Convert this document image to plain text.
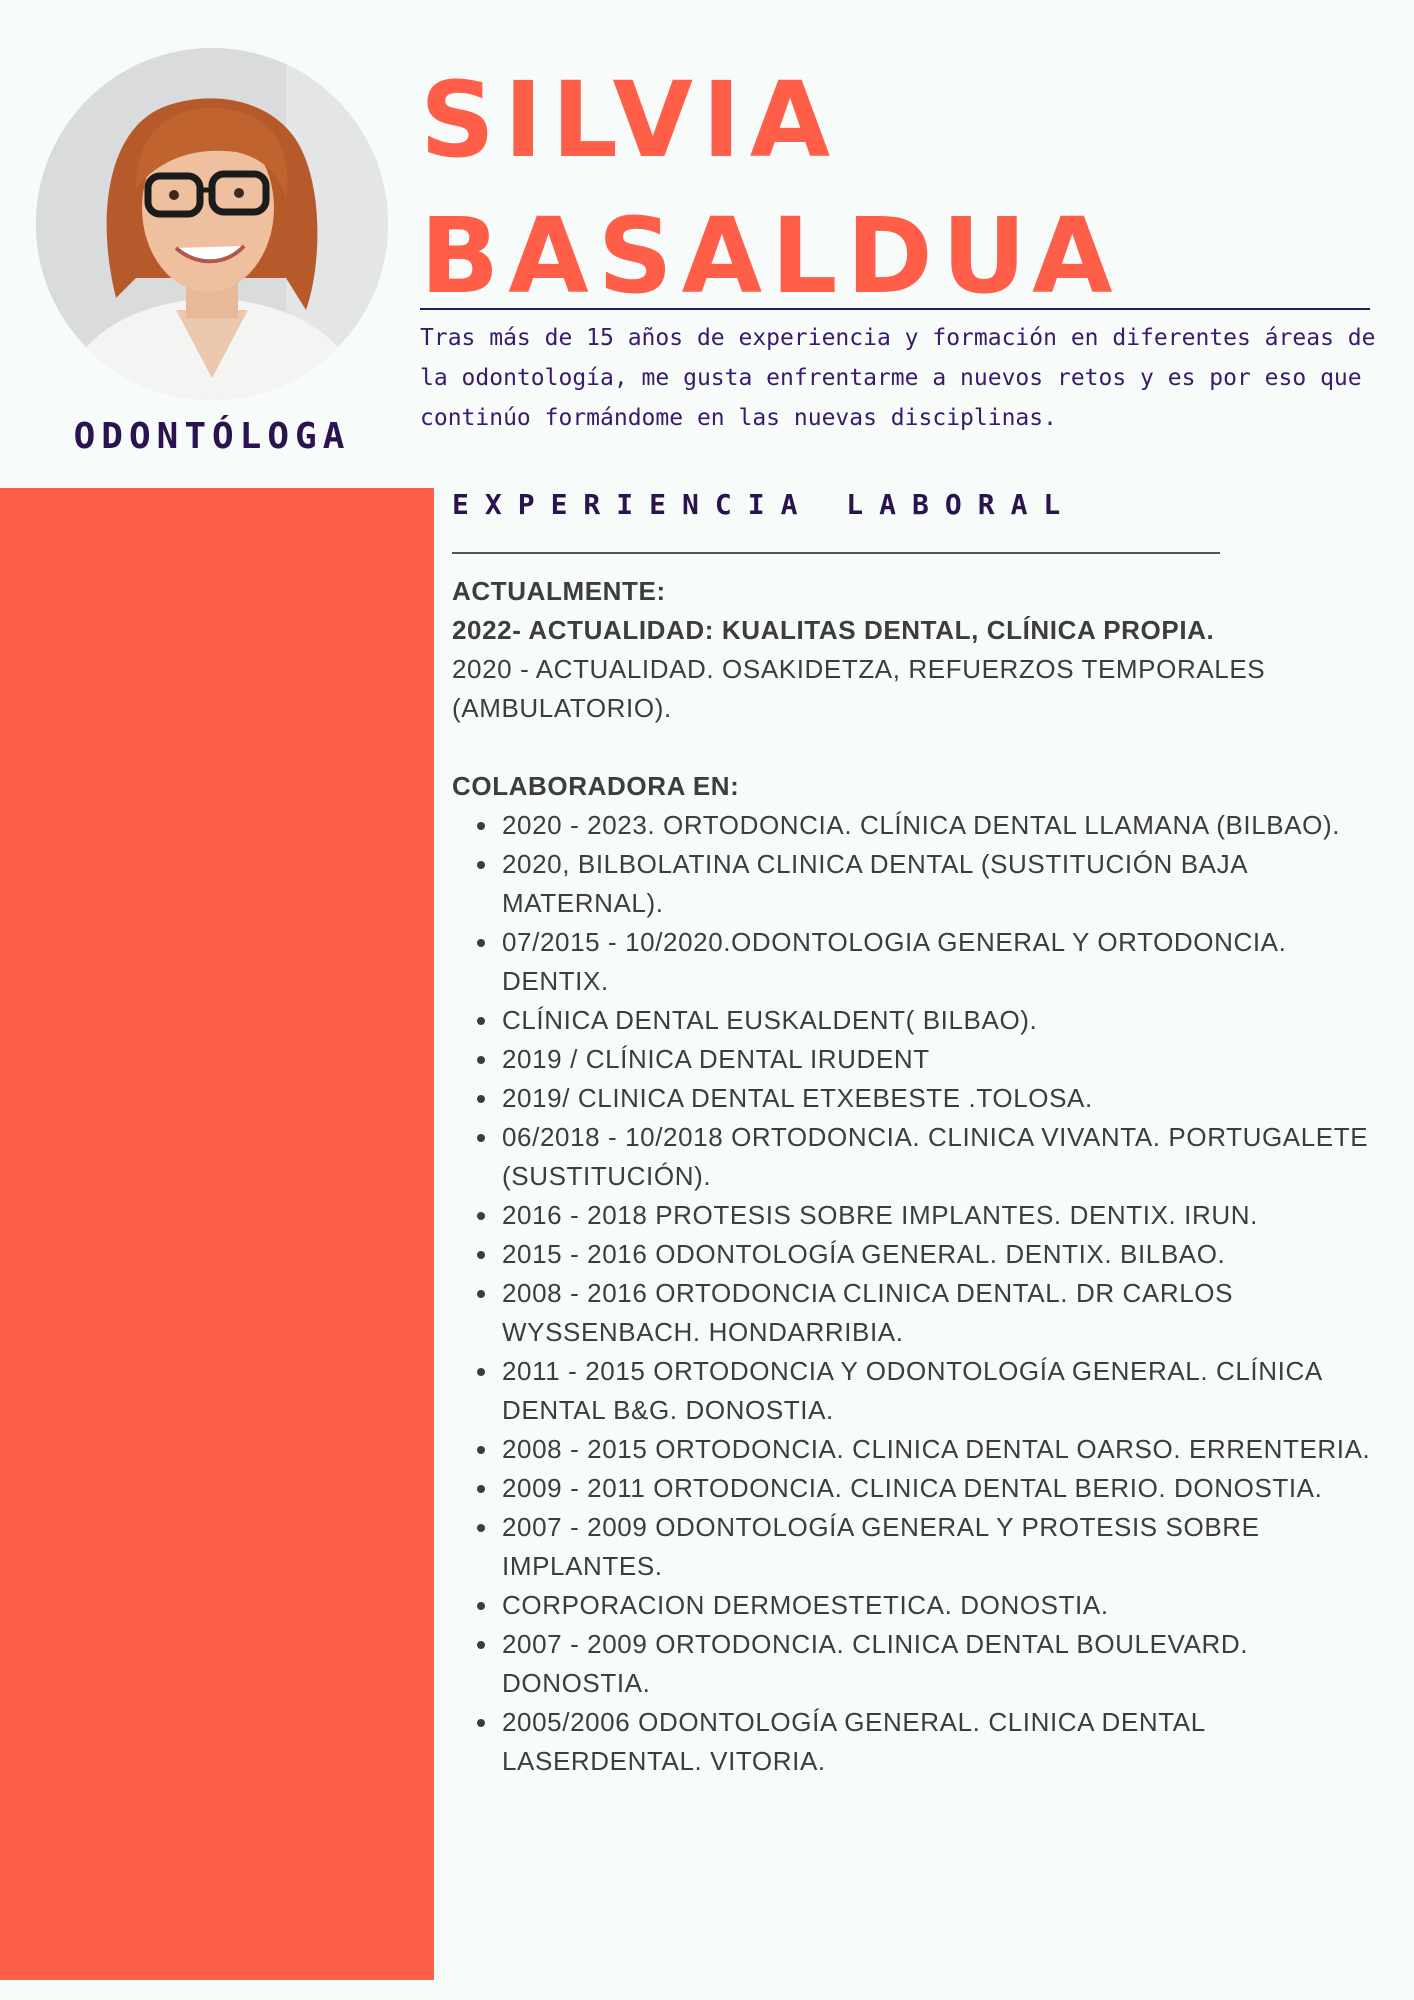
ODONTÓLOGA
SILVIA
BASALDUA
Tras más de 15 años de experiencia y formación en diferentes áreas de la odontología, me gusta enfrentarme a nuevos retos y es por eso que continúo formándome en las nuevas disciplinas.
EXPERIENCIA LABORAL
ACTUALMENTE:
2022- ACTUALIDAD: KUALITAS DENTAL, CLÍNICA PROPIA.
2020 - ACTUALIDAD. OSAKIDETZA, REFUERZOS TEMPORALES (AMBULATORIO).
COLABORADORA EN:
• 2020 - 2023. ORTODONCIA. CLÍNICA DENTAL LLAMANA (BILBAO).
• 2020, BILBOLATINA CLINICA DENTAL (SUSTITUCIÓN BAJA MATERNAL).
• 07/2015 - 10/2020.ODONTOLOGIA GENERAL Y ORTODONCIA. DENTIX.
• CLÍNICA DENTAL EUSKALDENT( BILBAO).
• 2019 / CLÍNICA DENTAL IRUDENT
• 2019/ CLINICA DENTAL ETXEBESTE .TOLOSA.
• 06/2018 - 10/2018 ORTODONCIA. CLINICA VIVANTA. PORTUGALETE (SUSTITUCIÓN).
• 2016 - 2018 PROTESIS SOBRE IMPLANTES. DENTIX. IRUN.
• 2015 - 2016 ODONTOLOGÍA GENERAL. DENTIX. BILBAO.
• 2008 - 2016 ORTODONCIA CLINICA DENTAL. DR CARLOS WYSSENBACH. HONDARRIBIA.
• 2011 - 2015 ORTODONCIA Y ODONTOLOGÍA GENERAL. CLÍNICA DENTAL B&G. DONOSTIA.
• 2008 - 2015 ORTODONCIA. CLINICA DENTAL OARSO. ERRENTERIA.
• 2009 - 2011 ORTODONCIA. CLINICA DENTAL BERIO. DONOSTIA.
• 2007 - 2009 ODONTOLOGÍA GENERAL Y PROTESIS SOBRE IMPLANTES.
• CORPORACION DERMOESTETICA. DONOSTIA.
• 2007 - 2009 ORTODONCIA. CLINICA DENTAL BOULEVARD. DONOSTIA.
• 2005/2006 ODONTOLOGÍA GENERAL. CLINICA DENTAL LASERDENTAL. VITORIA.
